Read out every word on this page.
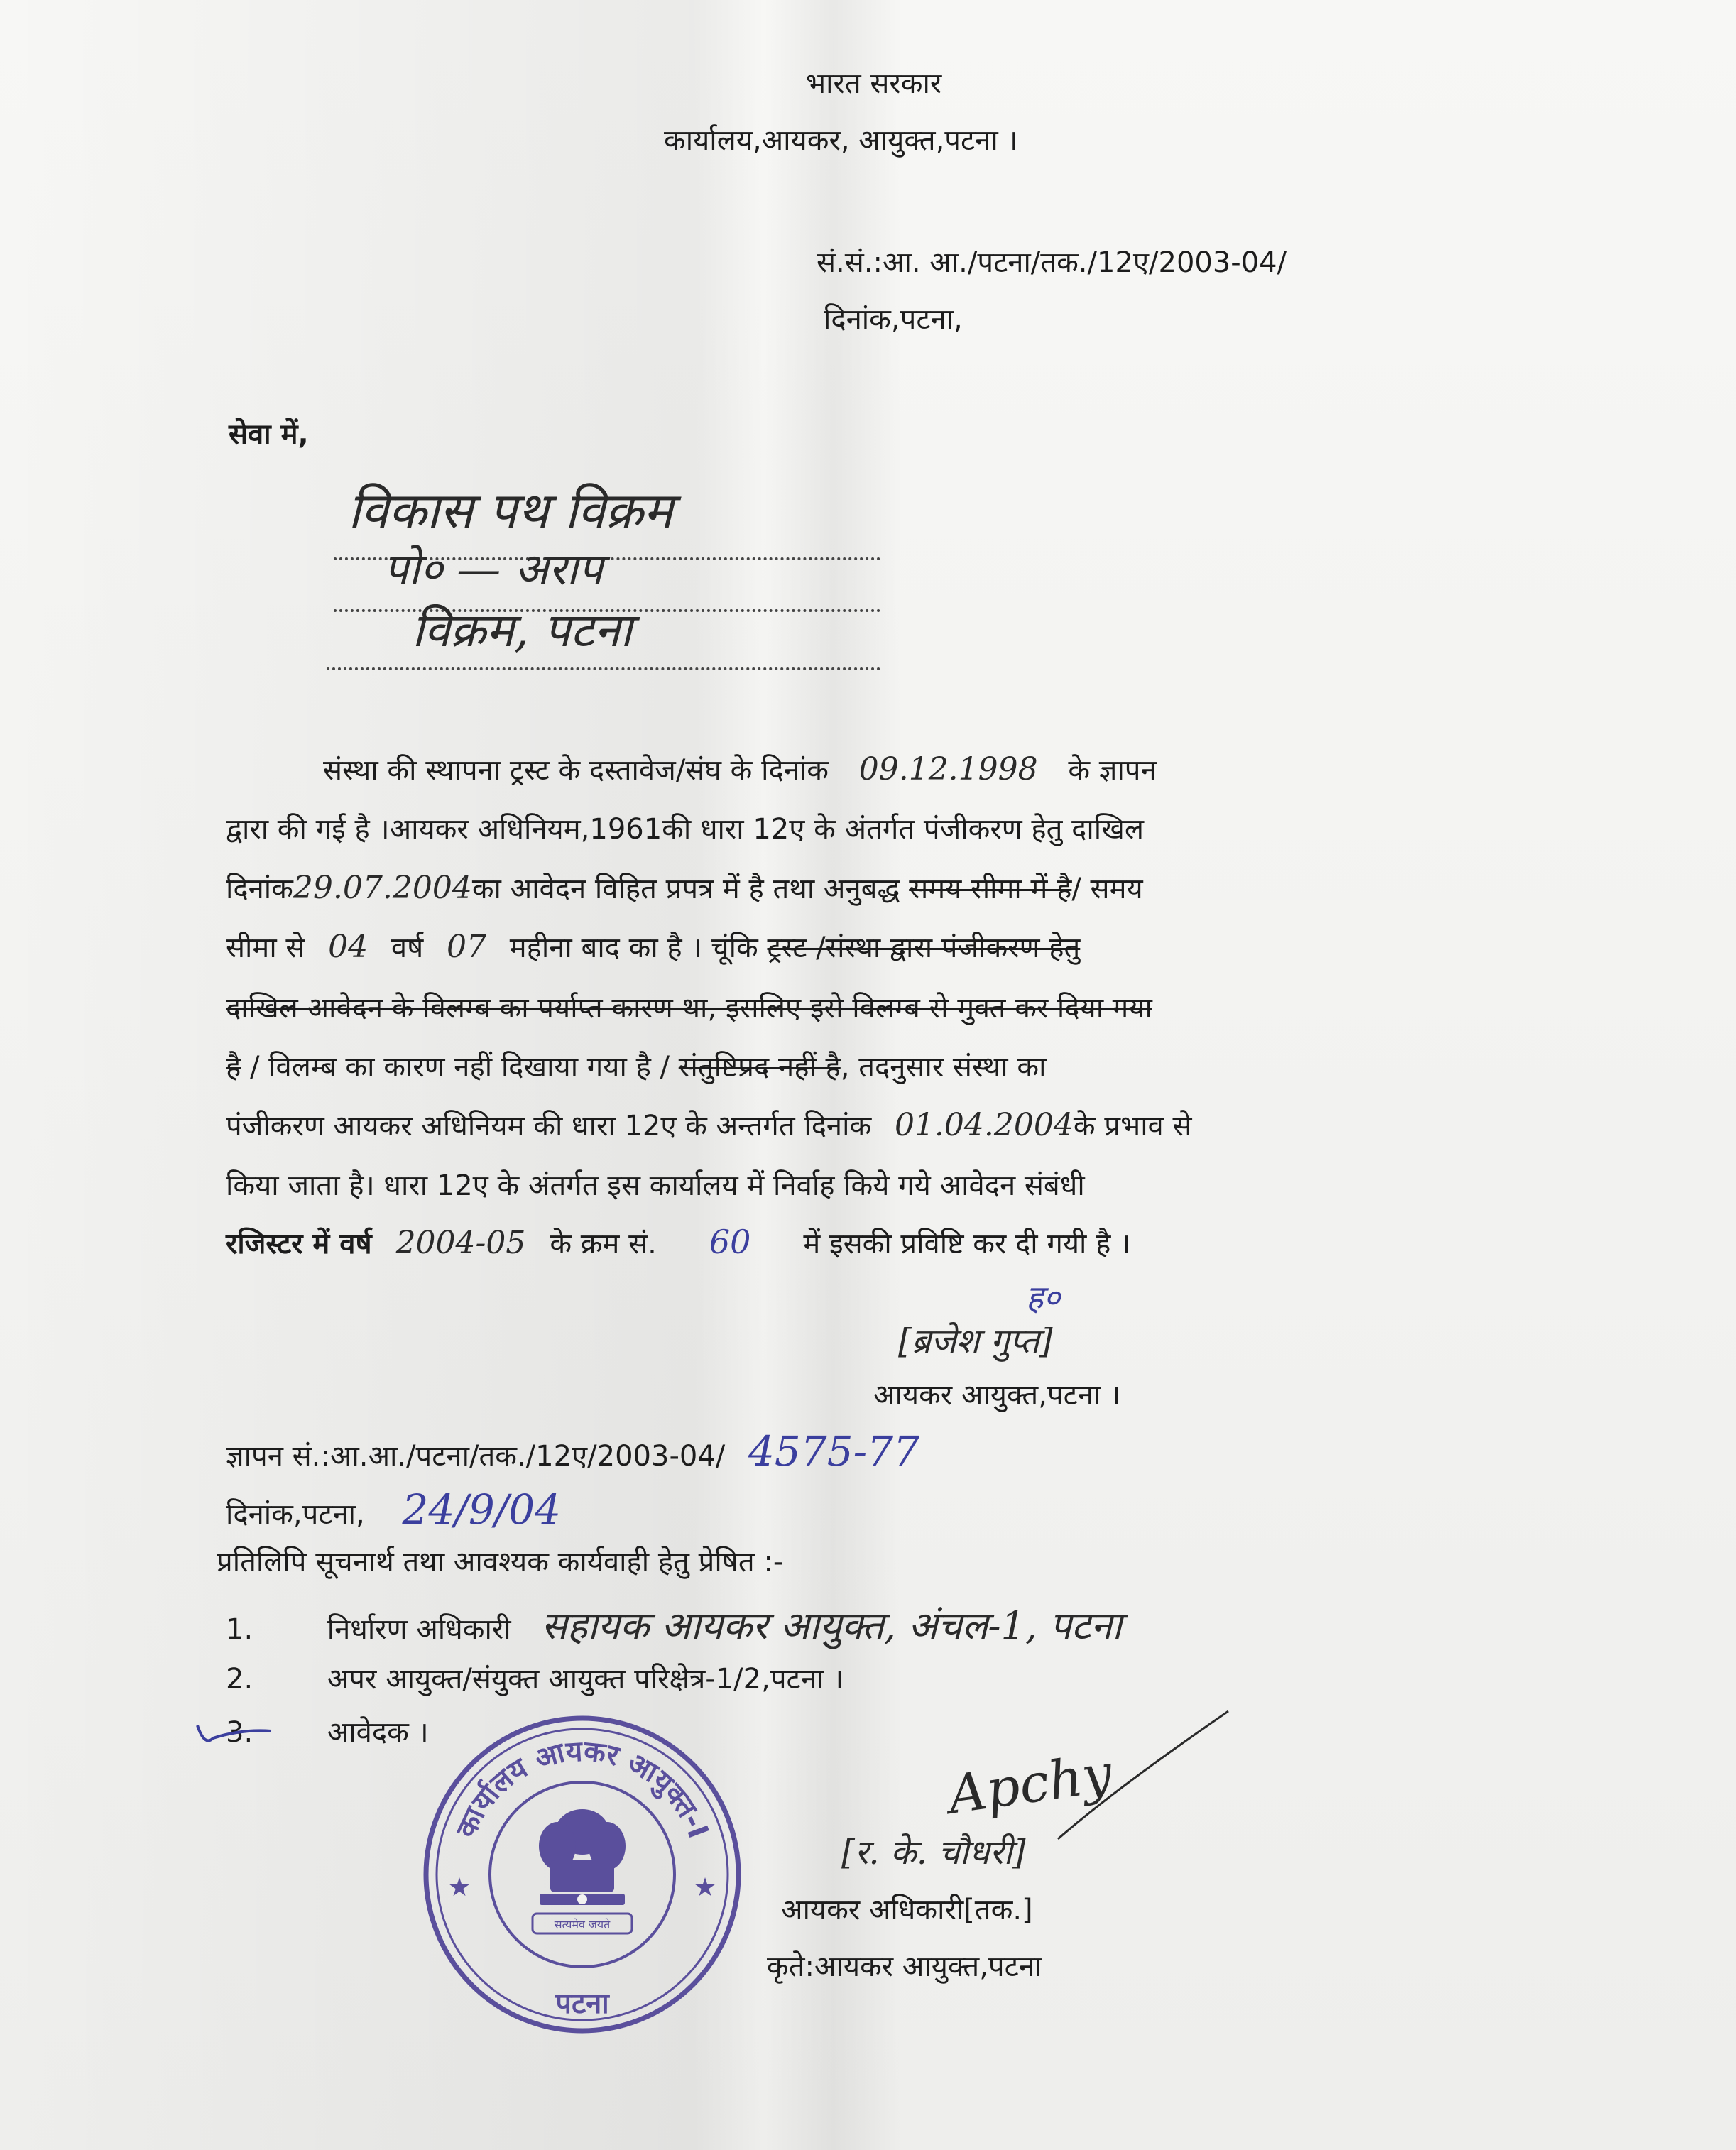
भारत सरकार
कार्यालय,आयकर, आयुक्त,पटना ।
सं.सं.:आ. आ./पटना/तक./12ए/2003-04/
दिनांक,पटना,
सेवा में,
विकास पथ विक्रम
पो० — अराप
विक्रम, पटना
संस्था की स्थापना ट्रस्ट के दस्तावेज/संघ के दिनांक 09.12.1998 के ज्ञापन
द्वारा की गई है ।आयकर अधिनियम,1961की धारा 12ए के अंतर्गत पंजीकरण हेतु दाखिल
दिनांक29.07.2004का आवेदन विहित प्रपत्र में है तथा अनुबद्ध समय सीमा में है/ समय
सीमा से 04 वर्ष 07 महीना बाद का है । चूंकि ट्रस्ट /संस्था द्वारा पंजीकरण हेतु
दाखिल आवेदन के विलम्ब का पर्याप्त कारण था, इसलिए इसे विलम्ब से मुक्त कर दिया गया
है / विलम्ब का कारण नहीं दिखाया गया है / संतुष्टिप्रद नहीं है, तदनुसार संस्था का
पंजीकरण आयकर अधिनियम की धारा 12ए के अन्तर्गत दिनांक 01.04.2004के प्रभाव से
किया जाता है। धारा 12ए के अंतर्गत इस कार्यालय में निर्वाह किये गये आवेदन संबंधी
रजिस्टर में वर्ष 2004-05 के क्रम सं. 60 में इसकी प्रविष्टि कर दी गयी है ।
ह०
[ब्रजेश गुप्त]
आयकर आयुक्त,पटना ।
ज्ञापन सं.:आ.आ./पटना/तक./12ए/2003-04/ 4575-77
दिनांक,पटना, 24/9/04
प्रतिलिपि सूचनार्थ तथा आवश्यक कार्यवाही हेतु प्रेषित :-
1.	निर्धारण अधिकारी सहायक आयकर आयुक्त, अंचल-1, पटना
2.	अपर आयुक्त/संयुक्त आयुक्त परिक्षेत्र-1/2,पटना ।
3.	आवेदक ।
कार्यालय आयकर आयुक्त-I
पटना
★	★
सत्यमेव जयते
Apchy
[र. के. चौधरी]
आयकर अधिकारी[तक.]
कृते:आयकर आयुक्त,पटना
